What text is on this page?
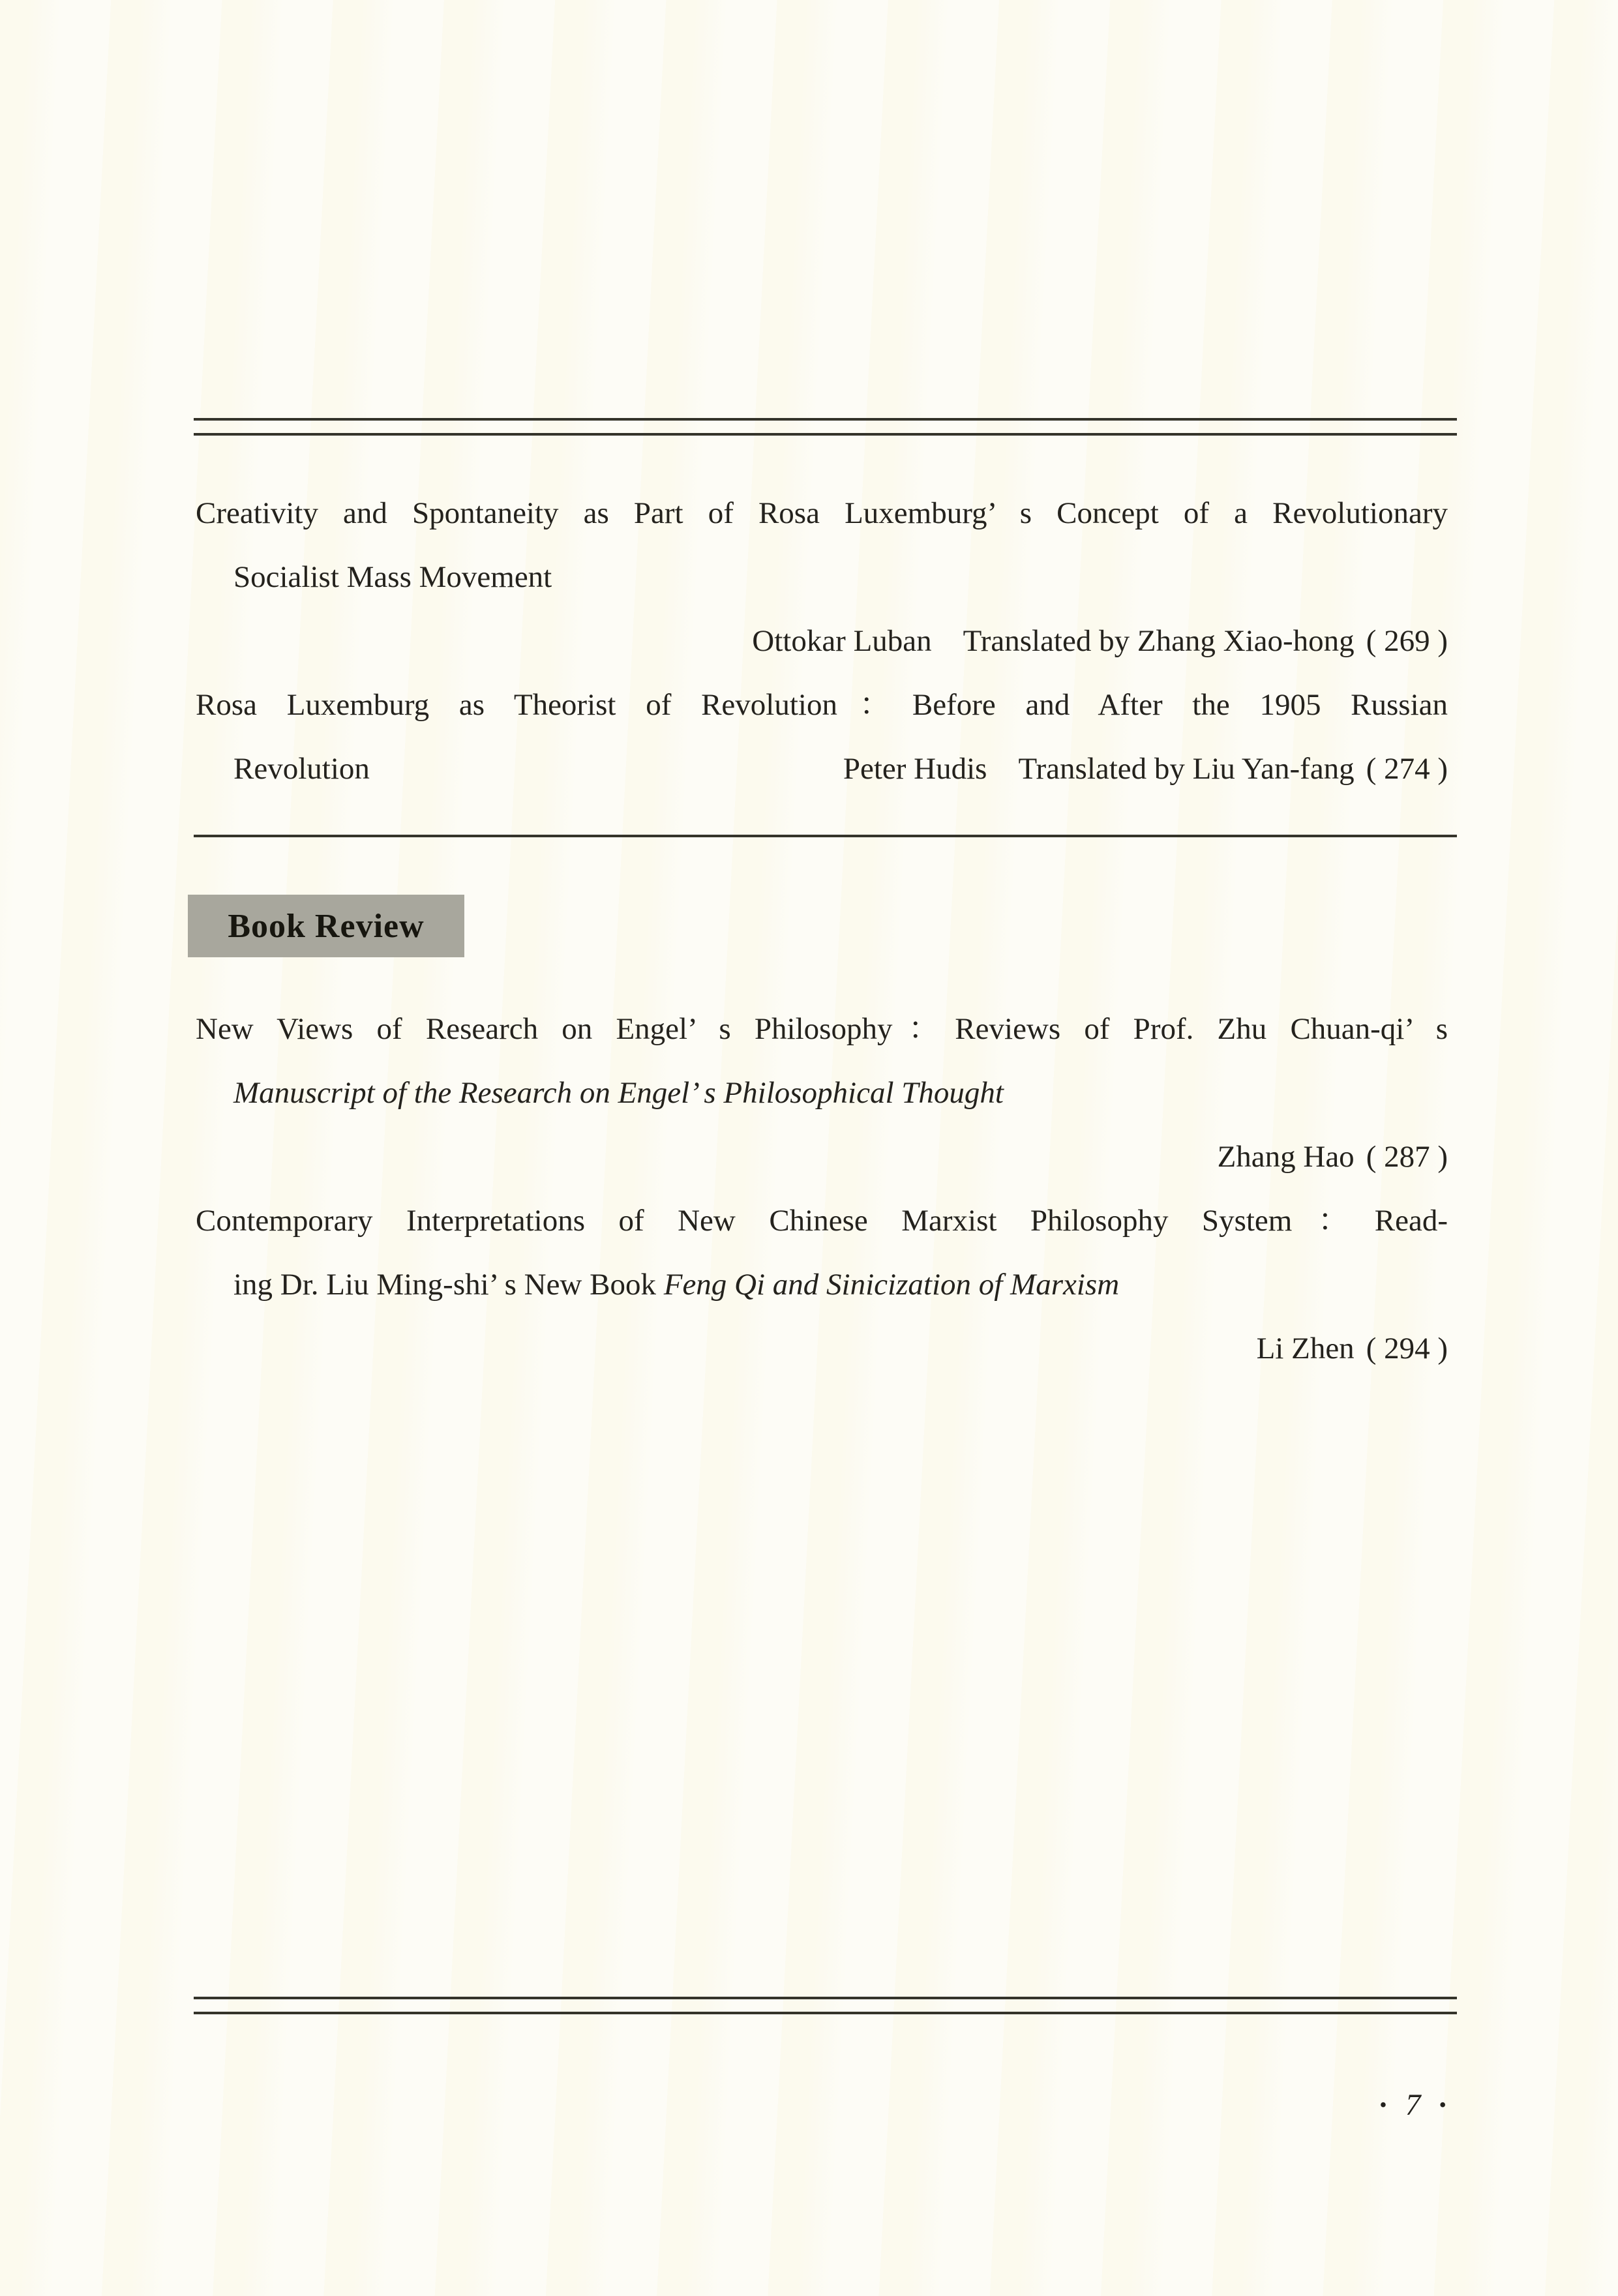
Creativity and Spontaneity as Part of Rosa Luxemburg’ s Concept of a Revolutionary
Socialist Mass Movement
Ottokar Luban Translated by Zhang Xiao-hong ( 269 )
Rosa Luxemburg as Theorist of Revolution：Before and After the 1905 Russian
Revolution	Peter Hudis Translated by Liu Yan-fang ( 274 )
Book Review
New Views of Research on Engel’ s Philosophy：Reviews of Prof. Zhu Chuan-qi’ s
Manuscript of the Research on Engel’ s Philosophical Thought
Zhang Hao ( 287 )
Contemporary Interpretations of New Chinese Marxist Philosophy System：Read-
ing Dr. Liu Ming-shi’ s New Book Feng Qi and Sinicization of Marxism
Li Zhen ( 294 )
· 7 ·
